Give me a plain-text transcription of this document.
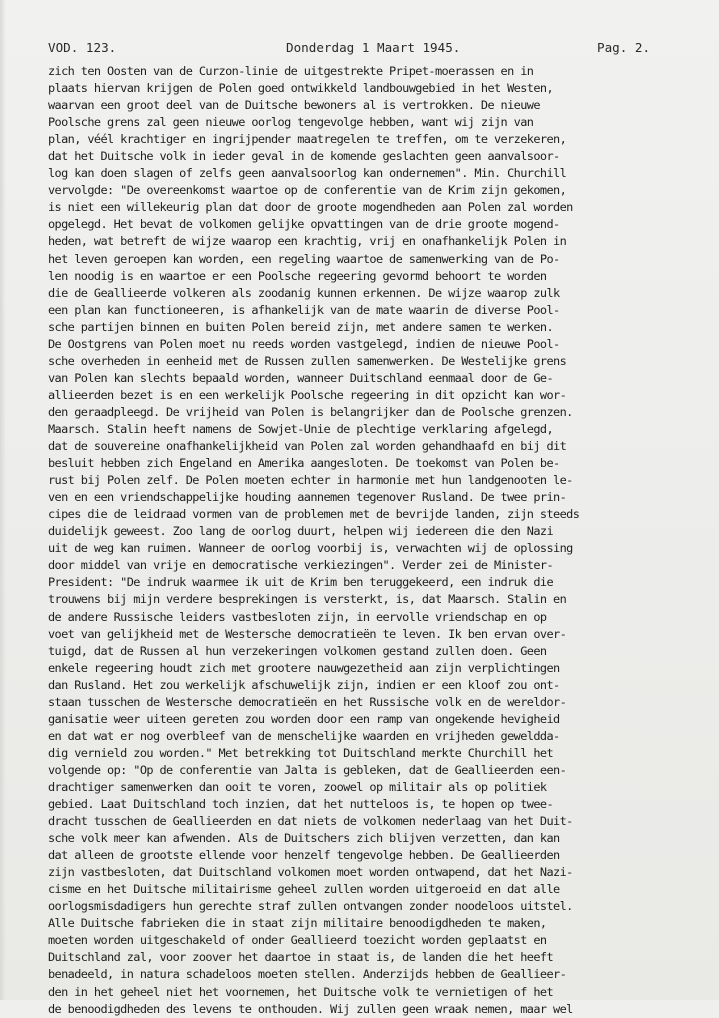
VOD. 123.	Donderdag 1 Maart 1945.	Pag. 2.
zich ten Oosten van de Curzon-linie de uitgestrekte Pripet-moerassen en in
plaats hiervan krijgen de Polen goed ontwikkeld landbouwgebied in het Westen,
waarvan een groot deel van de Duitsche bewoners al is vertrokken. De nieuwe
Poolsche grens zal geen nieuwe oorlog tengevolge hebben, want wij zijn van
plan, véél krachtiger en ingrijpender maatregelen te treffen, om te verzekeren,
dat het Duitsche volk in ieder geval in de komende geslachten geen aanvalsoor-
log kan doen slagen of zelfs geen aanvalsoorlog kan ondernemen". Min. Churchill
vervolgde: "De overeenkomst waartoe op de conferentie van de Krim zijn gekomen,
is niet een willekeurig plan dat door de groote mogendheden aan Polen zal worden
opgelegd. Het bevat de volkomen gelijke opvattingen van de drie groote mogend-
heden, wat betreft de wijze waarop een krachtig, vrij en onafhankelijk Polen in
het leven geroepen kan worden, een regeling waartoe de samenwerking van de Po-
len noodig is en waartoe er een Poolsche regeering gevormd behoort te worden
die de Geallieerde volkeren als zoodanig kunnen erkennen. De wijze waarop zulk
een plan kan functioneeren, is afhankelijk van de mate waarin de diverse Pool-
sche partijen binnen en buiten Polen bereid zijn, met andere samen te werken.
De Oostgrens van Polen moet nu reeds worden vastgelegd, indien de nieuwe Pool-
sche overheden in eenheid met de Russen zullen samenwerken. De Westelijke grens
van Polen kan slechts bepaald worden, wanneer Duitschland eenmaal door de Ge-
allieerden bezet is en een werkelijk Poolsche regeering in dit opzicht kan wor-
den geraadpleegd. De vrijheid van Polen is belangrijker dan de Poolsche grenzen.
Maarsch. Stalin heeft namens de Sowjet-Unie de plechtige verklaring afgelegd,
dat de souvereine onafhankelijkheid van Polen zal worden gehandhaafd en bij dit
besluit hebben zich Engeland en Amerika aangesloten. De toekomst van Polen be-
rust bij Polen zelf. De Polen moeten echter in harmonie met hun landgenooten le-
ven en een vriendschappelijke houding aannemen tegenover Rusland. De twee prin-
cipes die de leidraad vormen van de problemen met de bevrijde landen, zijn steeds
duidelijk geweest. Zoo lang de oorlog duurt, helpen wij iedereen die den Nazi
uit de weg kan ruimen. Wanneer de oorlog voorbij is, verwachten wij de oplossing
door middel van vrije en democratische verkiezingen". Verder zei de Minister-
President: "De indruk waarmee ik uit de Krim ben teruggekeerd, een indruk die
trouwens bij mijn verdere besprekingen is versterkt, is, dat Maarsch. Stalin en
de andere Russische leiders vastbesloten zijn, in eervolle vriendschap en op
voet van gelijkheid met de Westersche democratieën te leven. Ik ben ervan over-
tuigd, dat de Russen al hun verzekeringen volkomen gestand zullen doen. Geen
enkele regeering houdt zich met grootere nauwgezetheid aan zijn verplichtingen
dan Rusland. Het zou werkelijk afschuwelijk zijn, indien er een kloof zou ont-
staan tusschen de Westersche democratieën en het Russische volk en de wereldor-
ganisatie weer uiteen gereten zou worden door een ramp van ongekende hevigheid
en dat wat er nog overbleef van de menschelijke waarden en vrijheden geweldda-
dig vernield zou worden." Met betrekking tot Duitschland merkte Churchill het
volgende op: "Op de conferentie van Jalta is gebleken, dat de Geallieerden een-
drachtiger samenwerken dan ooit te voren, zoowel op militair als op politiek
gebied. Laat Duitschland toch inzien, dat het nutteloos is, te hopen op twee-
dracht tusschen de Geallieerden en dat niets de volkomen nederlaag van het Duit-
sche volk meer kan afwenden. Als de Duitschers zich blijven verzetten, dan kan
dat alleen de grootste ellende voor henzelf tengevolge hebben. De Geallieerden
zijn vastbesloten, dat Duitschland volkomen moet worden ontwapend, dat het Nazi-
cisme en het Duitsche militairisme geheel zullen worden uitgeroeid en dat alle
oorlogsmisdadigers hun gerechte straf zullen ontvangen zonder noodeloos uitstel.
Alle Duitsche fabrieken die in staat zijn militaire benoodigdheden te maken,
moeten worden uitgeschakeld of onder Geallieerd toezicht worden geplaatst en
Duitschland zal, voor zoover het daartoe in staat is, de landen die het heeft
benadeeld, in natura schadeloos moeten stellen. Anderzijds hebben de Geallieer-
den in het geheel niet het voornemen, het Duitsche volk te vernietigen of het
de benoodigdheden des levens te onthouden. Wij zullen geen wraak nemen, maar wel
